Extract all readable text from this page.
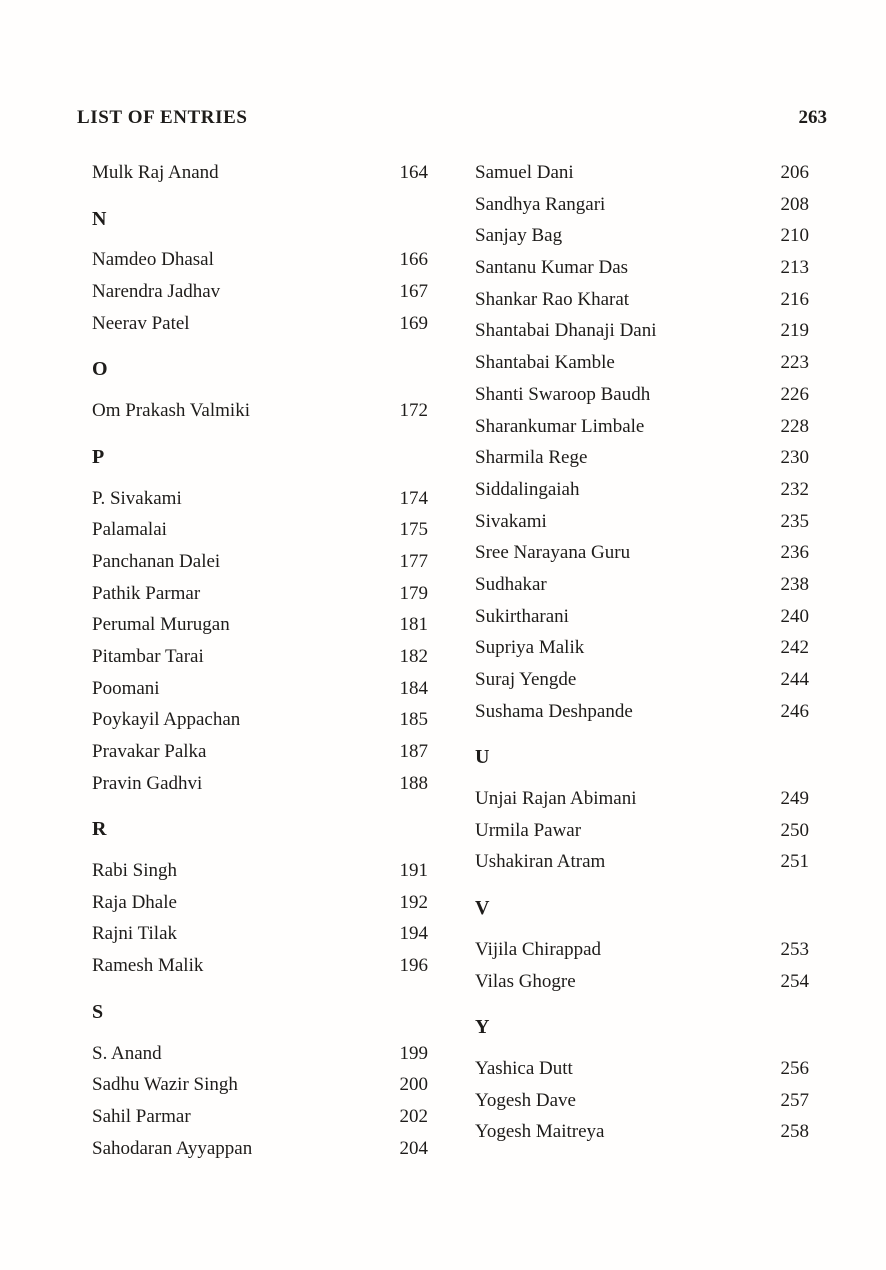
LIST OF ENTRIES	263
Mulk Raj Anand	164
N
Namdeo Dhasal	166
Narendra Jadhav	167
Neerav Patel	169
O
Om Prakash Valmiki	172
P
P. Sivakami	174
Palamalai	175
Panchanan Dalei	177
Pathik Parmar	179
Perumal Murugan	181
Pitambar Tarai	182
Poomani	184
Poykayil Appachan	185
Pravakar Palka	187
Pravin Gadhvi	188
R
Rabi Singh	191
Raja Dhale	192
Rajni Tilak	194
Ramesh Malik	196
S
S. Anand	199
Sadhu Wazir Singh	200
Sahil Parmar	202
Sahodaran Ayyappan	204
Samuel Dani	206
Sandhya Rangari	208
Sanjay Bag	210
Santanu Kumar Das	213
Shankar Rao Kharat	216
Shantabai Dhanaji Dani	219
Shantabai Kamble	223
Shanti Swaroop Baudh	226
Sharankumar Limbale	228
Sharmila Rege	230
Siddalingaiah	232
Sivakami	235
Sree Narayana Guru	236
Sudhakar	238
Sukirtharani	240
Supriya Malik	242
Suraj Yengde	244
Sushama Deshpande	246
U
Unjai Rajan Abimani	249
Urmila Pawar	250
Ushakiran Atram	251
V
Vijila Chirappad	253
Vilas Ghogre	254
Y
Yashica Dutt	256
Yogesh Dave	257
Yogesh Maitreya	258
